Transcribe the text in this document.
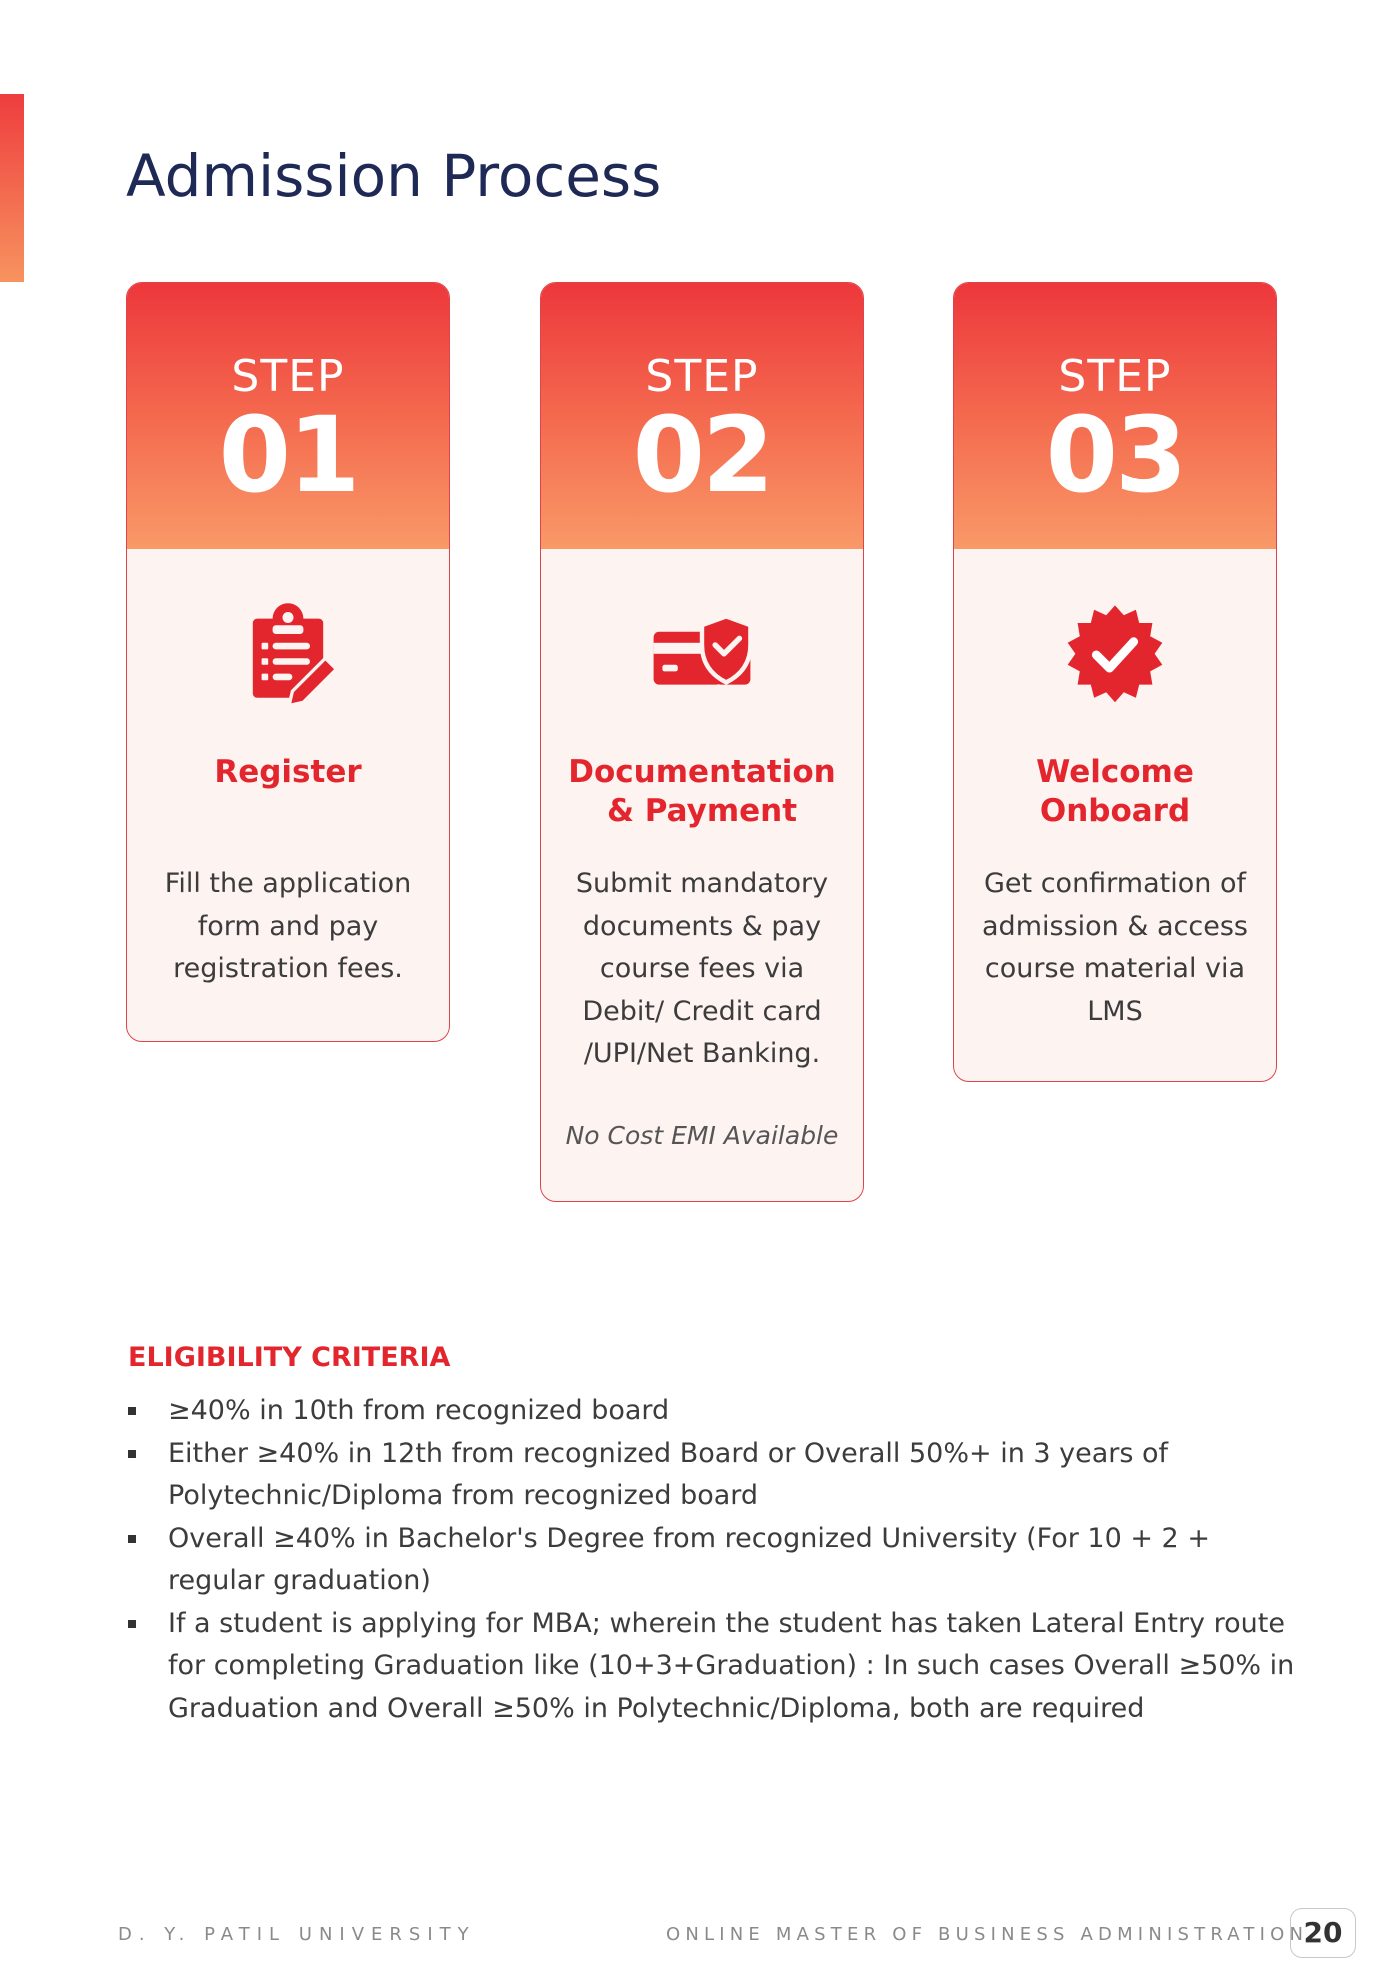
Admission Process
STEP
01
Register
Fill the application
form and pay
registration fees.
STEP
02
Documentation
& Payment
Submit mandatory
documents & pay
course fees via
Debit/ Credit card
/UPI/Net Banking.
No Cost EMI Available
STEP
03
Welcome
Onboard
Get confirmation of
admission & access
course material via
LMS
ELIGIBILITY CRITERIA
≥40% in 10th from recognized board
Either ≥40% in 12th from recognized Board or Overall 50%+ in 3 years of
Polytechnic/Diploma from recognized board
Overall ≥40% in Bachelor's Degree from recognized University (For 10 + 2 +
regular graduation)
If a student is applying for MBA; wherein the student has taken Lateral Entry route
for completing Graduation like (10+3+Graduation) : In such cases Overall ≥50% in
Graduation and Overall ≥50% in Polytechnic/Diploma, both are required
D. Y. PATIL UNIVERSITY	ONLINE MASTER OF BUSINESS ADMINISTRATION
20
